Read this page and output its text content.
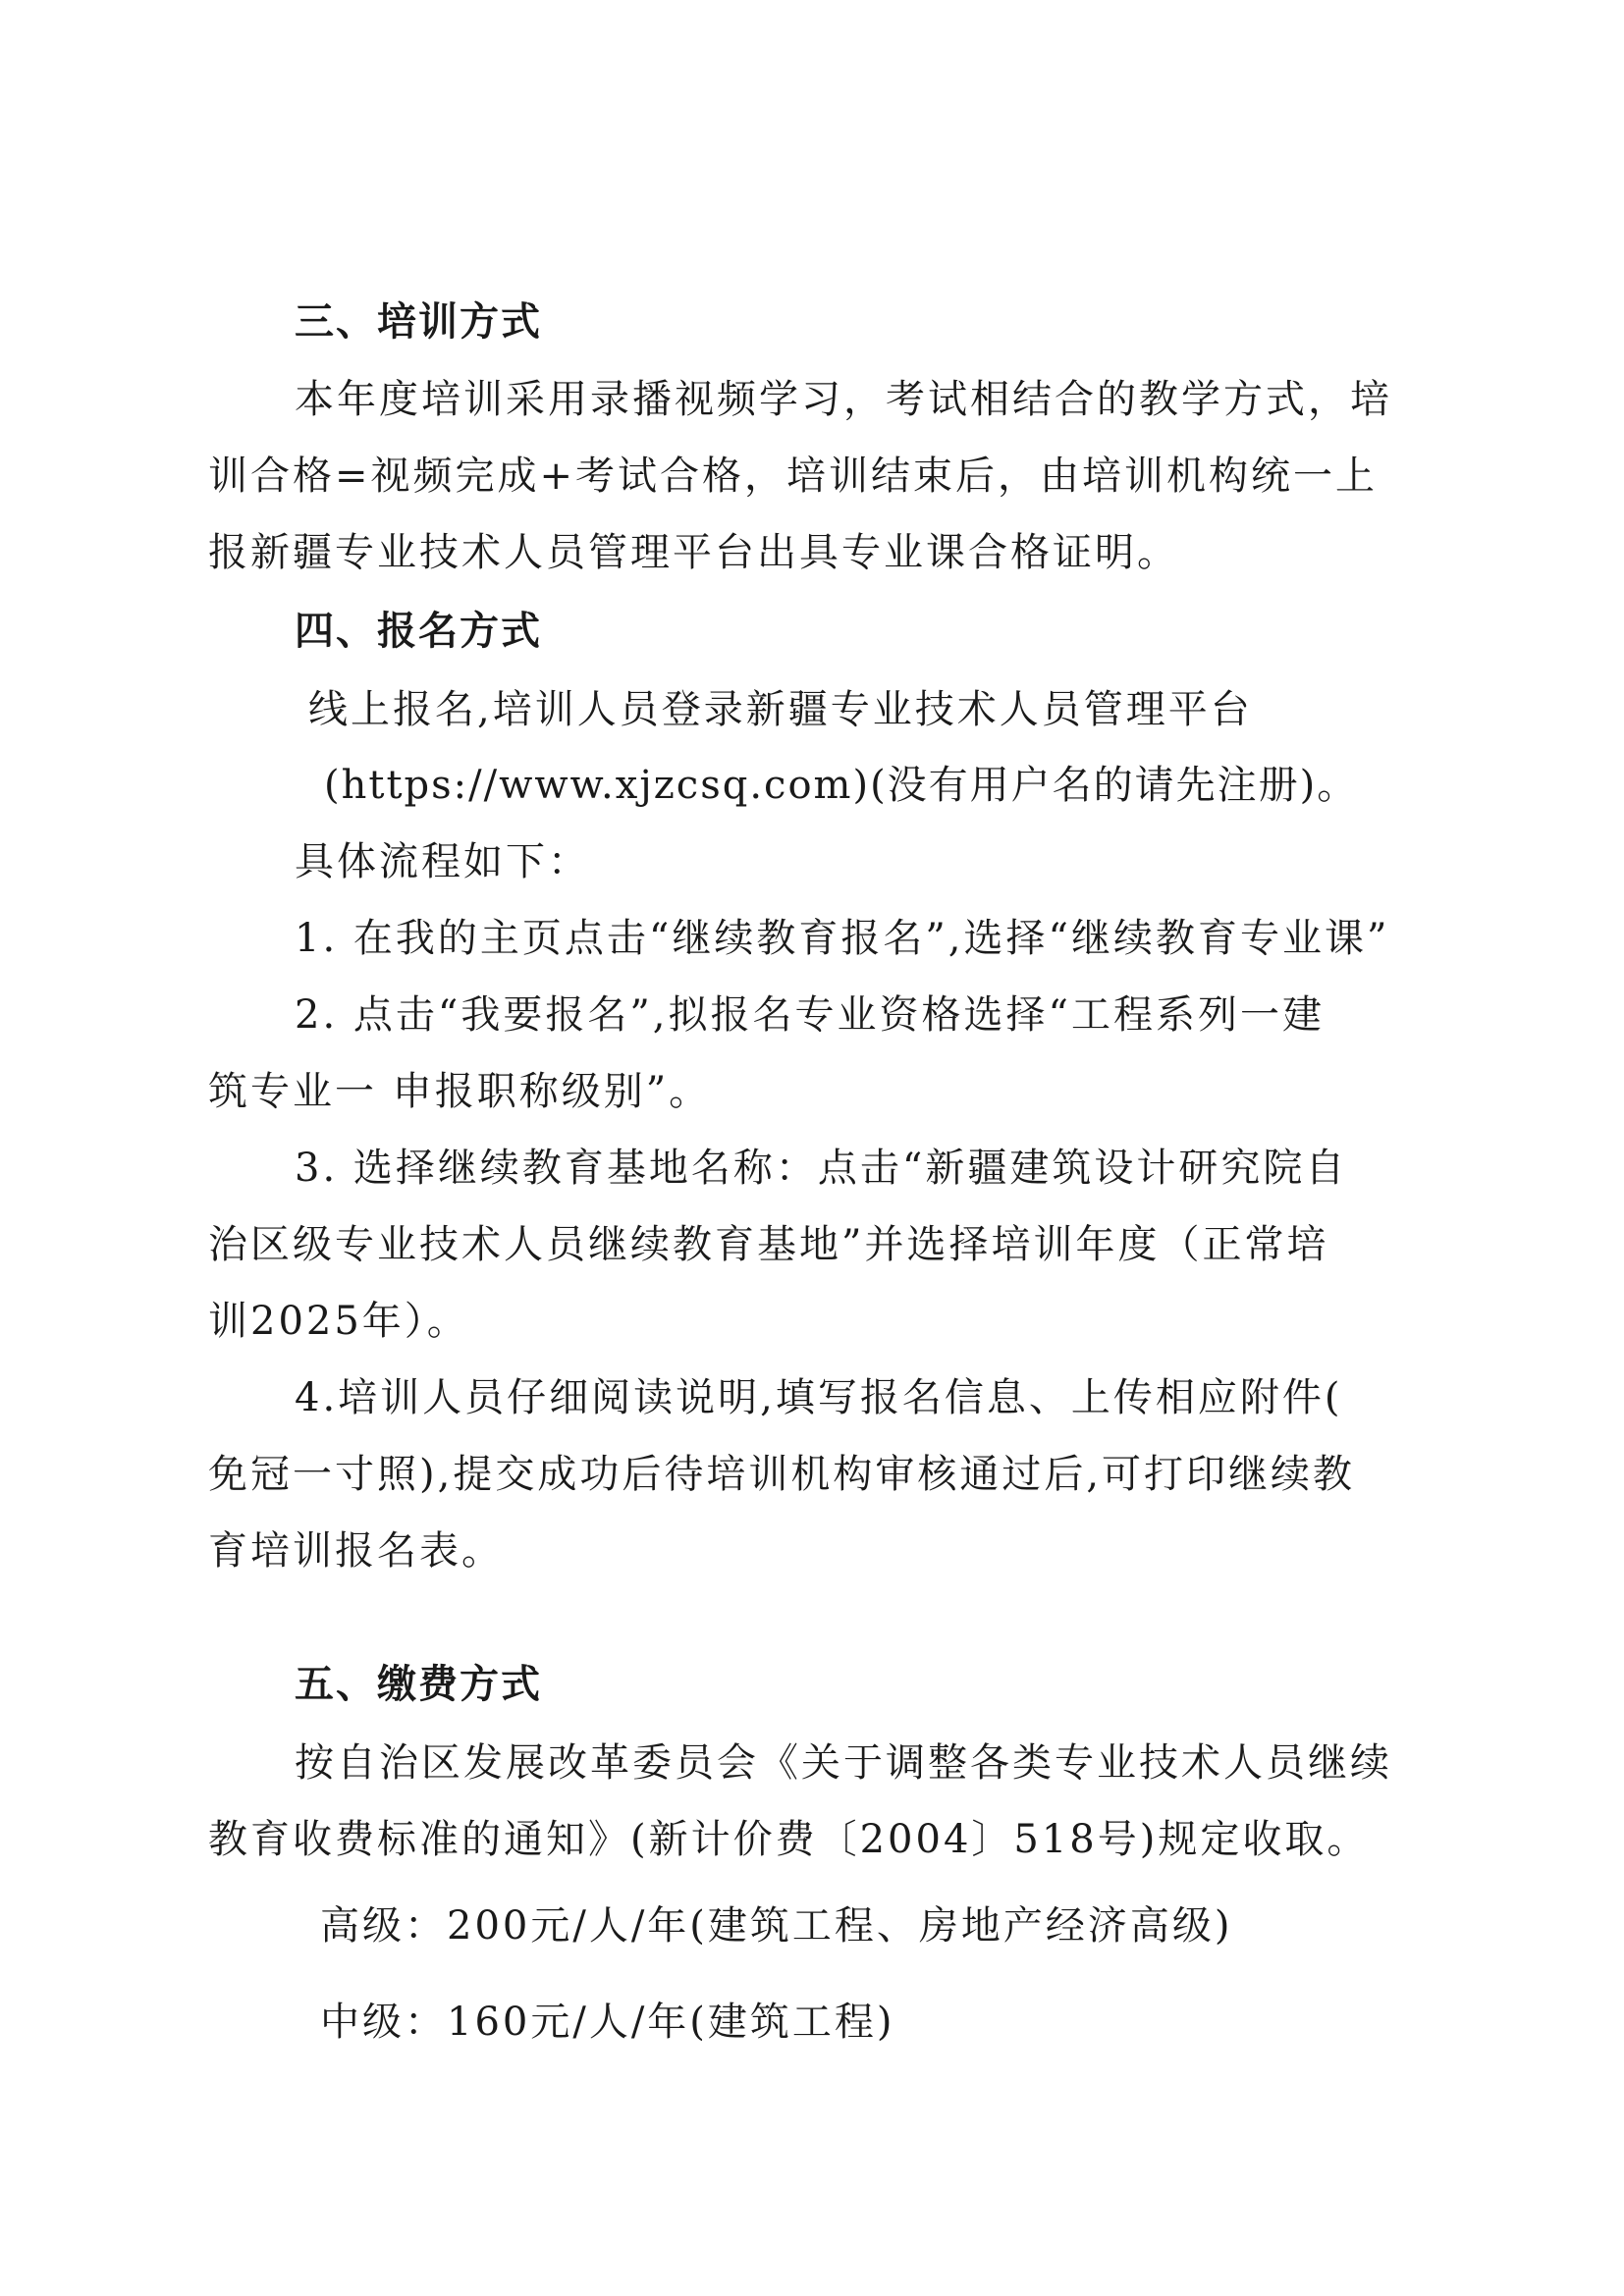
三、培训方式
本年度培训采用录播视频学习，考试相结合的教学方式，培
训合格=视频完成+考试合格，培训结束后，由培训机构统一上
报新疆专业技术人员管理平台出具专业课合格证明。
四、报名方式
线上报名,培训人员登录新疆专业技术人员管理平台
(https://www.xjzcsq.com)(没有用户名的请先注册)。
具体流程如下：
1. 在我的主页点击“继续教育报名”,选择“继续教育专业课”
2. 点击“我要报名”,拟报名专业资格选择“工程系列一建
筑专业一 申报职称级别”。
3. 选择继续教育基地名称：点击“新疆建筑设计研究院自
治区级专业技术人员继续教育基地”并选择培训年度（正常培
训2025年）。
4.培训人员仔细阅读说明,填写报名信息、上传相应附件(
免冠一寸照),提交成功后待培训机构审核通过后,可打印继续教
育培训报名表。
五、缴费方式
按自治区发展改革委员会《关于调整各类专业技术人员继续
教育收费标准的通知》(新计价费〔2004〕518号)规定收取。
高级：200元/人/年(建筑工程、房地产经济高级)
中级：160元/人/年(建筑工程)
